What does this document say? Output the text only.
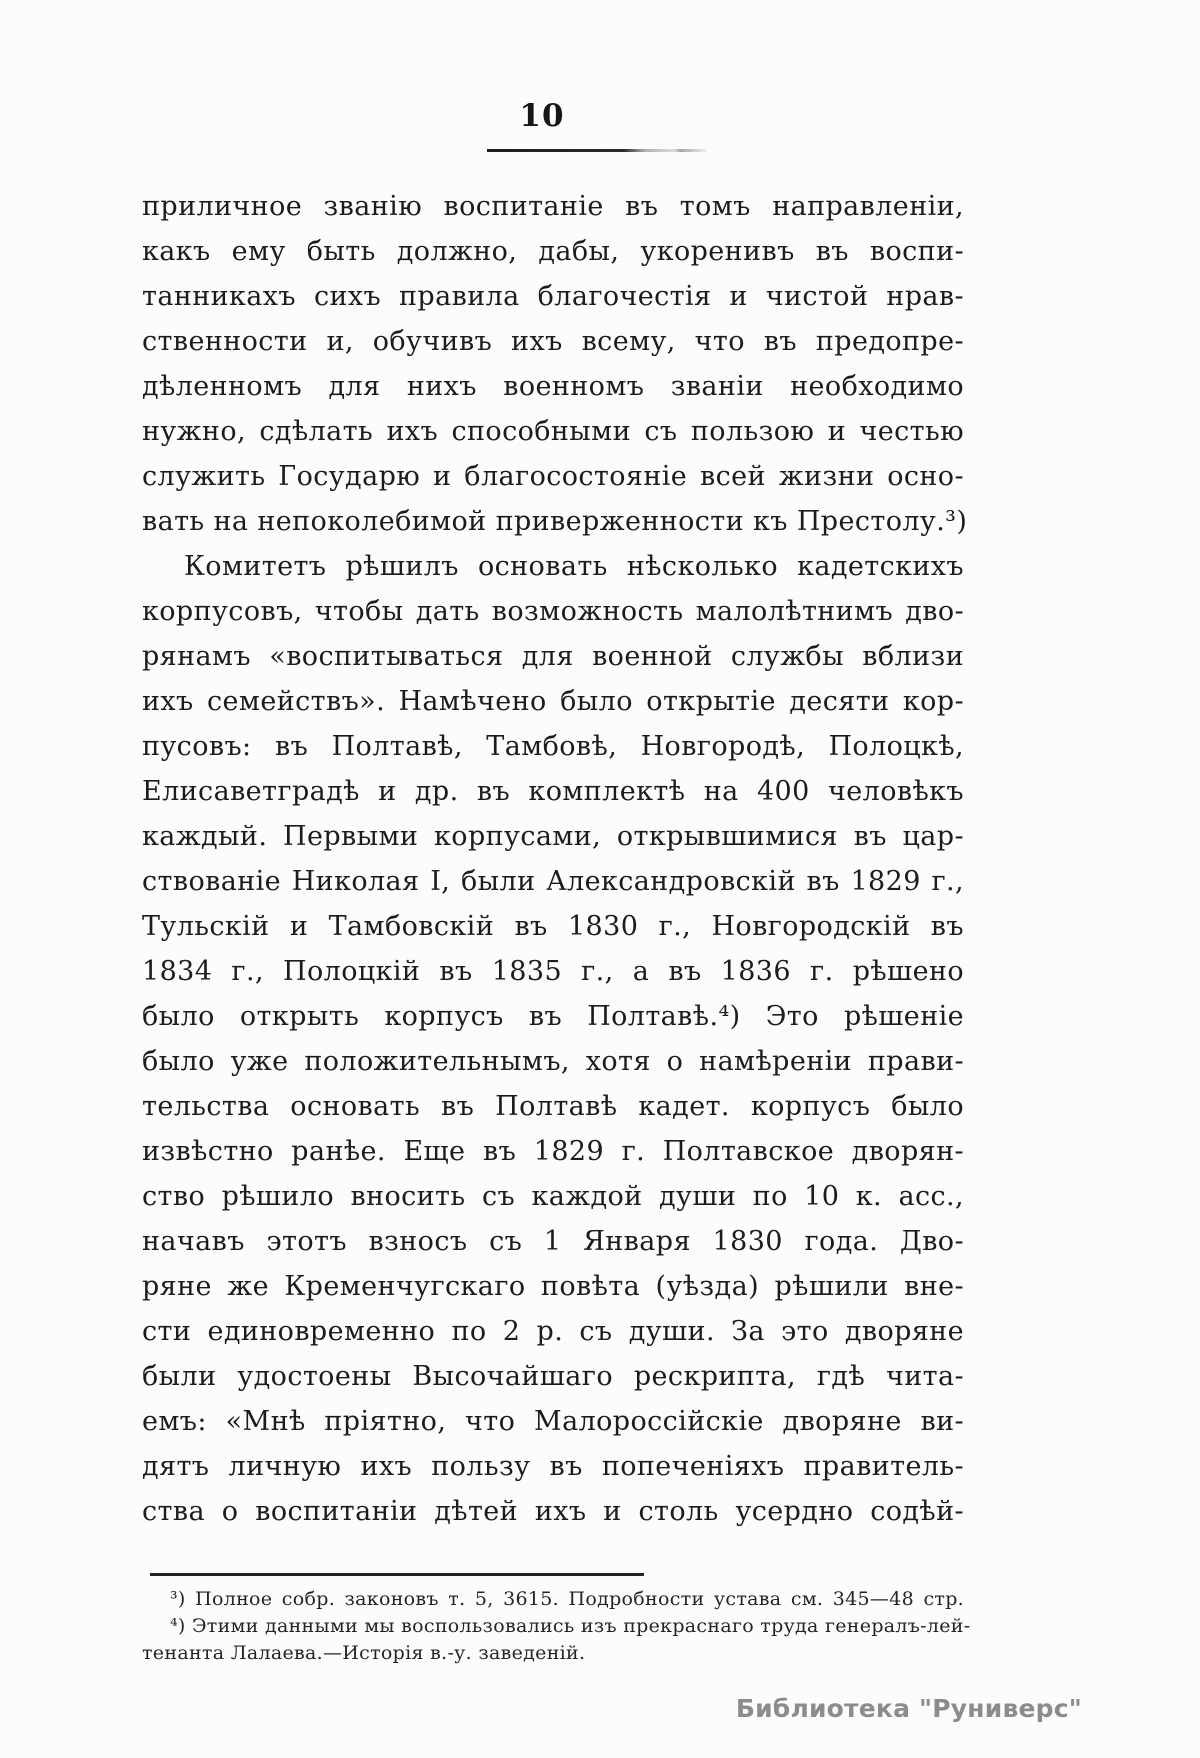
10
приличное званію воспитаніе въ томъ направленіи,
какъ ему быть должно, дабы, укоренивъ въ воспи-
танникахъ сихъ правила благочестія и чистой нрав-
ственности и, обучивъ ихъ всему, что въ предопре-
дѣленномъ для нихъ военномъ званіи необходимо
нужно, сдѣлать ихъ способными съ пользою и честью
служить Государю и благосостояніе всей жизни осно-
вать на непоколебимой приверженности къ Престолу.³)
Комитетъ рѣшилъ основать нѣсколько кадетскихъ
корпусовъ, чтобы дать возможность малолѣтнимъ дво-
рянамъ «воспитываться для военной службы вблизи
ихъ семействъ». Намѣчено было открытіе десяти кор-
пусовъ: въ Полтавѣ, Тамбовѣ, Новгородѣ, Полоцкѣ,
Елисаветградѣ и др. въ комплектѣ на 400 человѣкъ
каждый. Первыми корпусами, открывшимися въ цар-
ствованіе Николая I, были Александровскій въ 1829 г.,
Тульскій и Тамбовскій въ 1830 г., Новгородскій въ
1834 г., Полоцкій въ 1835 г., а въ 1836 г. рѣшено
было открыть корпусъ въ Полтавѣ.⁴) Это рѣшеніе
было уже положительнымъ, хотя о намѣреніи прави-
тельства основать въ Полтавѣ кадет. корпусъ было
извѣстно ранѣе. Еще въ 1829 г. Полтавское дворян-
ство рѣшило вносить съ каждой души по 10 к. асс.,
начавъ этотъ взносъ съ 1 Января 1830 года. Дво-
ряне же Кременчугскаго повѣта (уѣзда) рѣшили вне-
сти единовременно по 2 р. съ души. За это дворяне
были удостоены Высочайшаго рескрипта, гдѣ чита-
емъ: «Мнѣ пріятно, что Малороссійскіе дворяне ви-
дятъ личную ихъ пользу въ попеченіяхъ правитель-
ства о воспитаніи дѣтей ихъ и столь усердно содѣй-
³) Полное собр. законовъ т. 5, 3615. Подробности устава см. 345—48 стр.
⁴) Этими данными мы воспользовались изъ прекраснаго труда генералъ-лей-
тенанта Лалаева.—Исторія в.-у. заведеній.
Библиотека "Руниверс"
